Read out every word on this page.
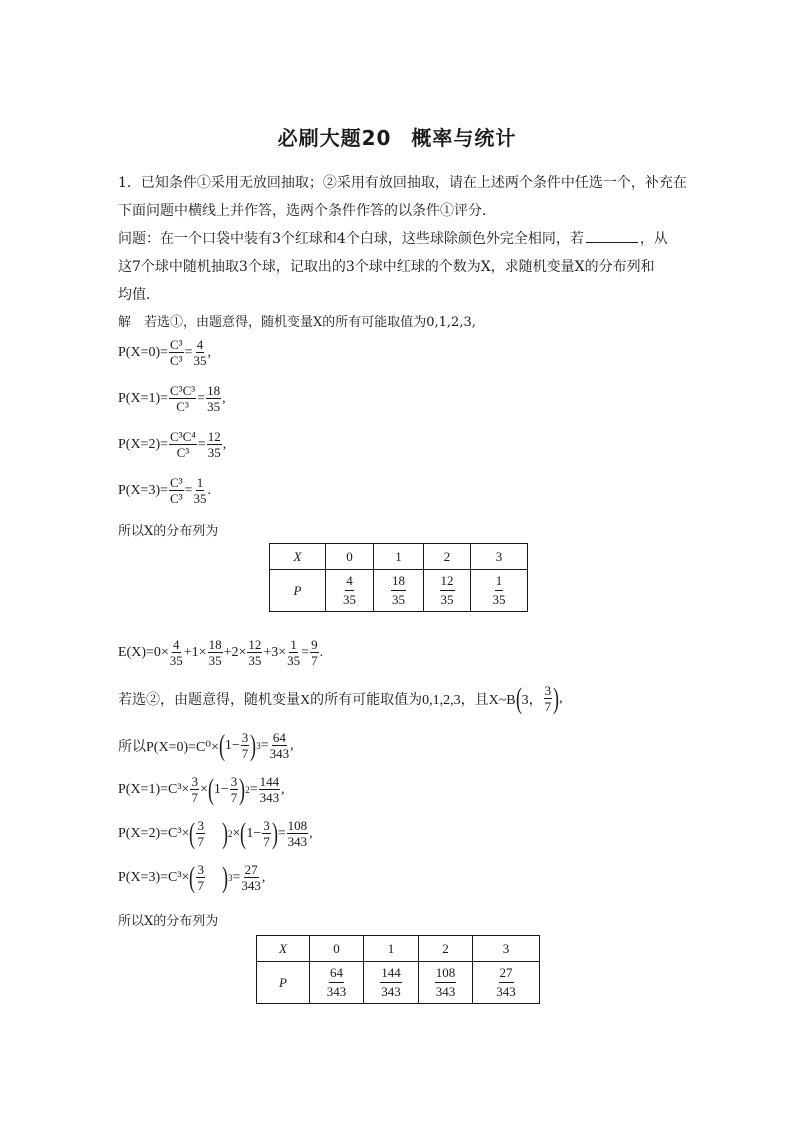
必刷大题20 概率与统计
1．已知条件①采用无放回抽取；②采用有放回抽取，请在上述两个条件中任选一个，补充在
下面问题中横线上并作答，选两个条件作答的以条件①评分．
问题：在一个口袋中装有3个红球和4个白球，这些球除颜色外完全相同，若	，从
这7个球中随机抽取3个球，记取出的3个球中红球的个数为X，求随机变量X的分布列和
均值．
解　若选①，由题意得，随机变量X的所有可能取值为0,1,2,3,
$P(X=0)= \frac{\text{C³}}{\text{C³}} = \frac{4}{35}$ ,
$P(X=1)= \frac{\text{C³C³}}{\text{C³}} = \frac{18}{35}$ ,
$P(X=2)= \frac{\text{C³C⁴}}{\text{C³}} = \frac{12}{35}$ ,
$P(X=3)= \frac{\text{C³}}{\text{C³}} = \frac{1}{35}$ .
所以X的分布列为
X	0	1	2	3
P	$\frac{4}{35}$	$\frac{18}{35}$	$\frac{12}{35}$	$\frac{1}{35}$
$E(X)=0\times \frac{4}{35} +1\times \frac{18}{35} +2\times \frac{12}{35} +3\times \frac{1}{35} = \frac{9}{7}$ .
若选②，由题意得，随机变量X的所有可能取值为0,1,2,3，且X~B ( 3， $\frac{3}{7}$ ) ,
所以P(X=0)=C⁰× ( $1- \frac{3}{7}$ ) $3 = \frac{64}{343}$ ,
$P(X=1)=C^3\times \frac{3}{7}$ × ( $1- \frac{3}{7}$ ) $2 = \frac{144}{343}$ ,
P(X=2)=C³× ( $\frac{3}{7}$ ) 2 × ( $1- \frac{3}{7}$ ) = $\frac{108}{343}$ ,
P(X=3)=C³× ( $\frac{3}{7}$ ) $3 = \frac{27}{343}$ ,
所以X的分布列为
X	0	1	2	3
P	$\frac{64}{343}$	$\frac{144}{343}$	$\frac{108}{343}$	$\frac{27}{343}$
